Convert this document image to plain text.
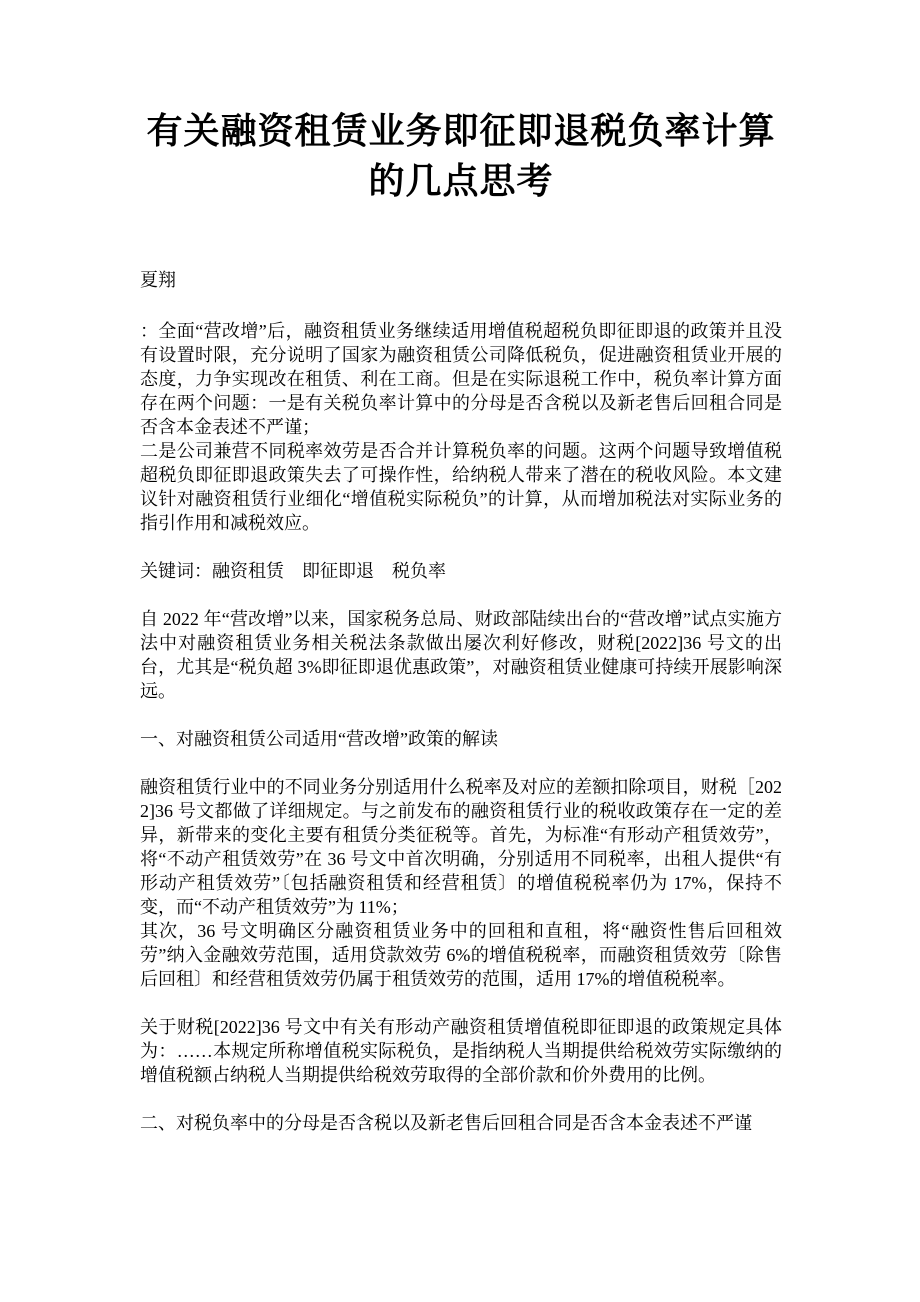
有关融资租赁业务即征即退税负率计算的几点思考
夏翔

：全面“营改增”后，融资租赁业务继续适用增值税超税负即征即退的政策并且没有设置时限，充分说明了国家为融资租赁公司降低税负，促进融资租赁业开展的态度，力争实现改在租赁、利在工商。但是在实际退税工作中，税负率计算方面存在两个问题：一是有关税负率计算中的分母是否含税以及新老售后回租合同是否含本金表述不严谨；

二是公司兼营不同税率效劳是否合并计算税负率的问题。这两个问题导致增值税超税负即征即退政策失去了可操作性，给纳税人带来了潜在的税收风险。本文建议针对融资租赁行业细化“增值税实际税负”的计算，从而增加税法对实际业务的指引作用和减税效应。

关键词：融资租赁　即征即退　税负率

自 2022 年“营改增”以来，国家税务总局、财政部陆续出台的“营改增”试点实施方法中对融资租赁业务相关税法条款做出屡次利好修改，财税[2022]36 号文的出台，尤其是“税负超 3%即征即退优惠政策”，对融资租赁业健康可持续开展影响深远。

一、对融资租赁公司适用“营改增”政策的解读

融资租赁行业中的不同业务分别适用什么税率及对应的差额扣除项目，财税［2022]36 号文都做了详细规定。与之前发布的融资租赁行业的税收政策存在一定的差异，新带来的变化主要有租赁分类征税等。首先，为标准“有形动产租赁效劳”，将“不动产租赁效劳”在 36 号文中首次明确，分别适用不同税率，出租人提供“有形动产租赁效劳”〔包括融资租赁和经营租赁〕的增值税税率仍为 17%，保持不变，而“不动产租赁效劳”为 11%；

其次，36 号文明确区分融资租赁业务中的回租和直租，将“融资性售后回租效劳”纳入金融效劳范围，适用贷款效劳 6%的增值税税率，而融资租赁效劳〔除售后回租〕和经营租赁效劳仍属于租赁效劳的范围，适用 17%的增值税税率。

关于财税[2022]36 号文中有关有形动产融资租赁增值税即征即退的政策规定具体为：……本规定所称增值税实际税负，是指纳税人当期提供给税效劳实际缴纳的增值税额占纳税人当期提供给税效劳取得的全部价款和价外费用的比例。

二、对税负率中的分母是否含税以及新老售后回租合同是否含本金表述不严谨
